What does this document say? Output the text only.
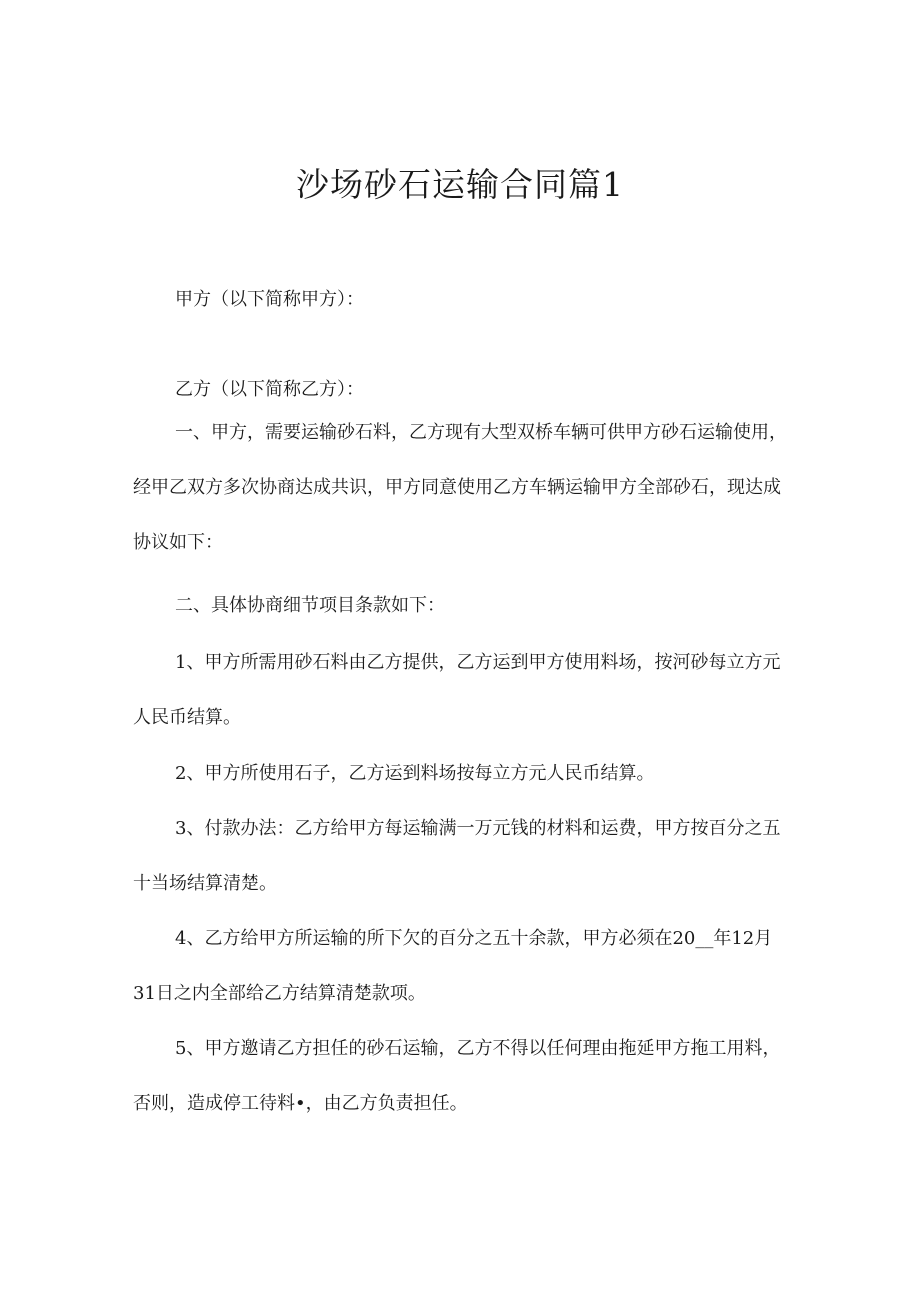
沙场砂石运输合同篇1

甲方（以下简称甲方）：

乙方（以下简称乙方）：

一、甲方，需要运输砂石料，乙方现有大型双桥车辆可供甲方砂石运输使用，经甲乙双方多次协商达成共识，甲方同意使用乙方车辆运输甲方全部砂石，现达成协议如下：

二、具体协商细节项目条款如下：

1、甲方所需用砂石料由乙方提供，乙方运到甲方使用料场，按河砂每立方元人民币结算。

2、甲方所使用石子，乙方运到料场按每立方元人民币结算。

3、付款办法：乙方给甲方每运输满一万元钱的材料和运费，甲方按百分之五十当场结算清楚。

4、乙方给甲方所运输的所下欠的百分之五十余款，甲方必须在20__年12月31日之内全部给乙方结算清楚款项。

5、甲方邀请乙方担任的砂石运输，乙方不得以任何理由拖延甲方拖工用料，否则，造成停工待料•，由乙方负责担任。
